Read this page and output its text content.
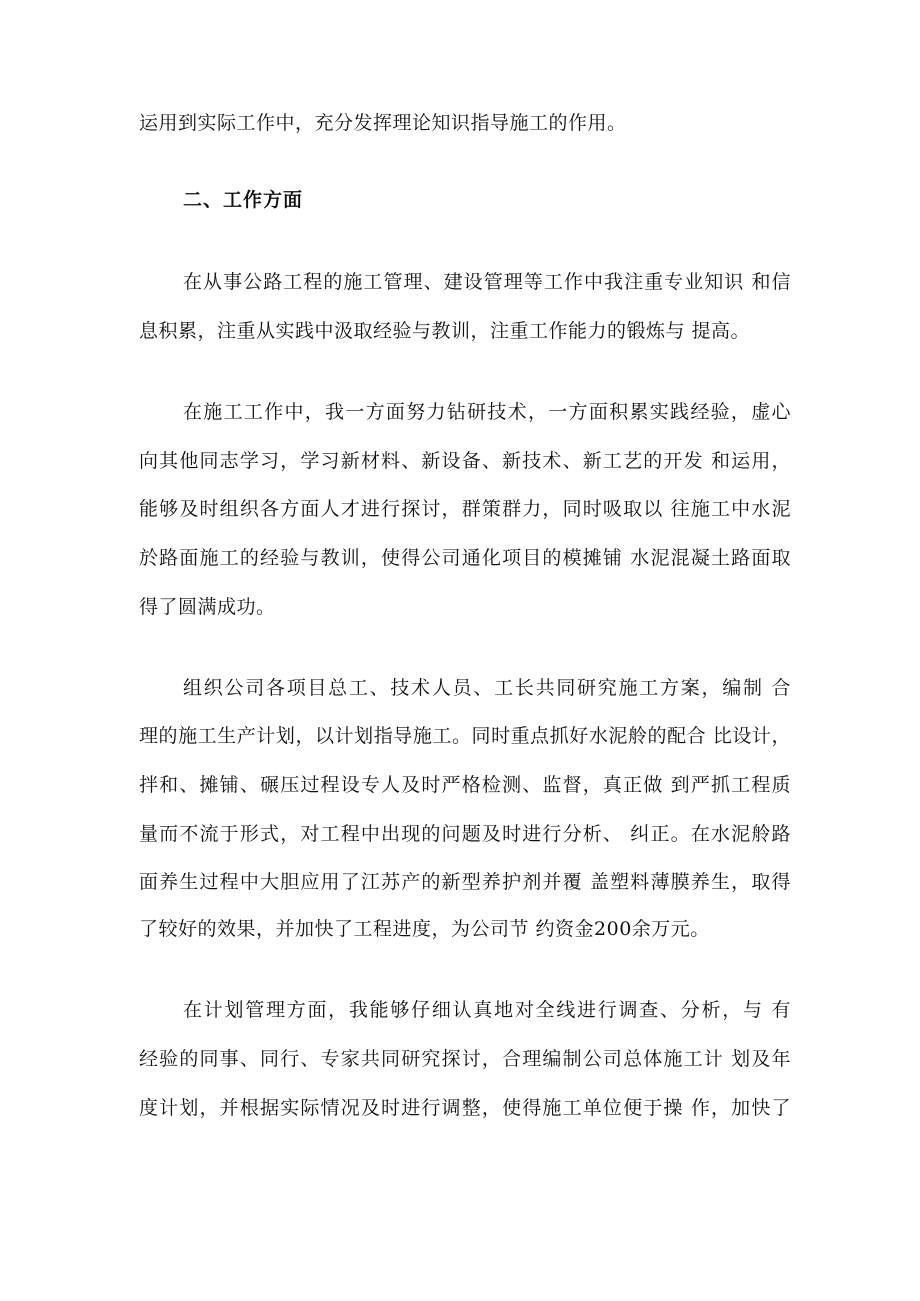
运用到实际工作中，充分发挥理论知识指导施工的作用。
二、工作方面
在从事公路工程的施工管理、建设管理等工作中我注重专业知识 和信
息积累，注重从实践中汲取经验与教训，注重工作能力的锻炼与 提高。
在施工工作中，我一方面努力钻研技术，一方面积累实践经验，虚心
向其他同志学习，学习新材料、新设备、新技术、新工艺的开发 和运用，
能够及时组织各方面人才进行探讨，群策群力，同时吸取以 往施工中水泥
於路面施工的经验与教训，使得公司通化项目的模摊铺 水泥混凝土路面取
得了圆满成功。
组织公司各项目总工、技术人员、工长共同研究施工方案，编制 合
理的施工生产计划，以计划指导施工。同时重点抓好水泥舲的配合 比设计，
拌和、摊铺、碾压过程设专人及时严格检测、监督，真正做 到严抓工程质
量而不流于形式，对工程中出现的问题及时进行分析、 纠正。在水泥舲路
面养生过程中大胆应用了江苏产的新型养护剂并覆 盖塑料薄膜养生，取得
了较好的效果，并加快了工程进度，为公司节 约资金200余万元。
在计划管理方面，我能够仔细认真地对全线进行调查、分析，与 有
经验的同事、同行、专家共同研究探讨，合理编制公司总体施工计 划及年
度计划，并根据实际情况及时进行调整，使得施工单位便于操 作，加快了
